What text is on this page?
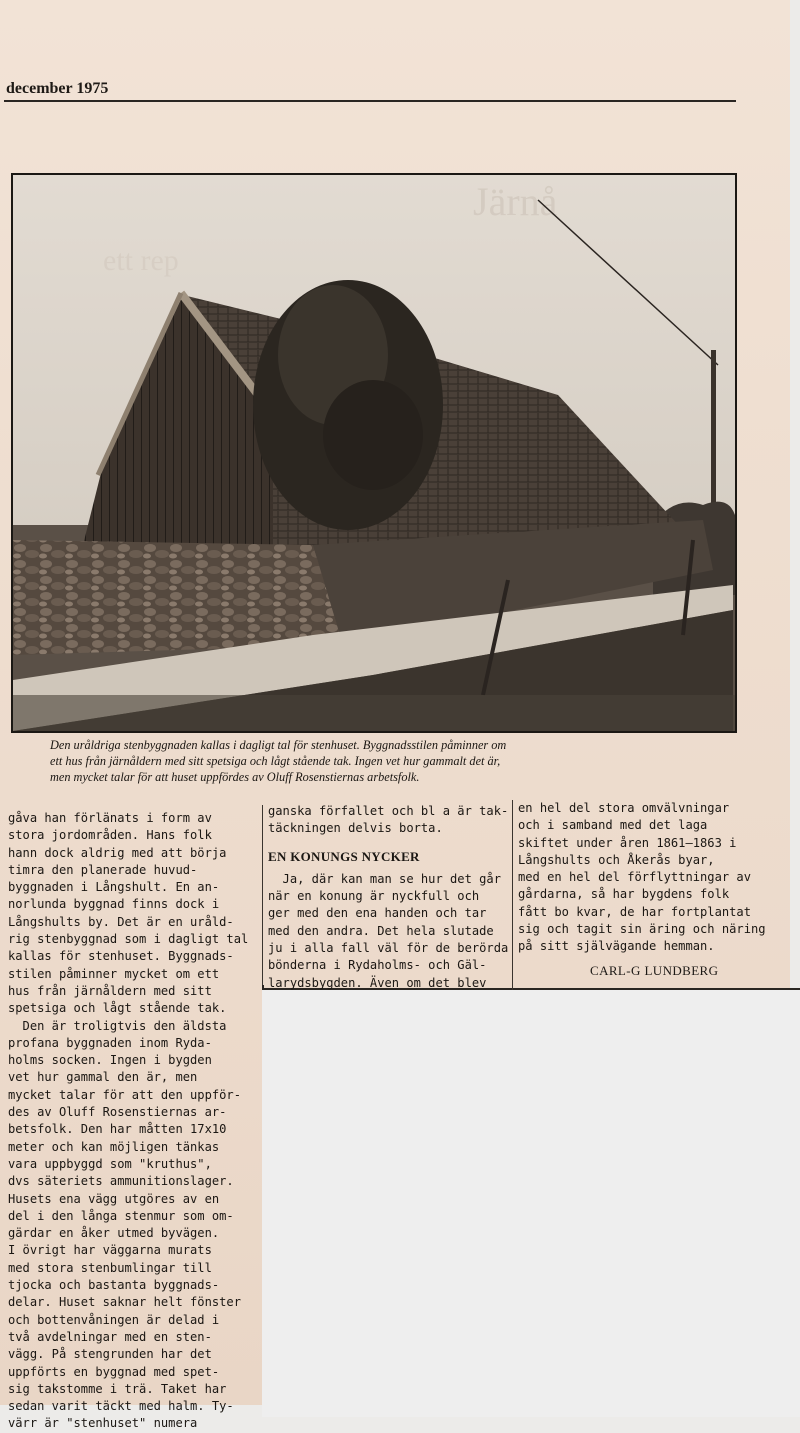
december 1975
Järnå
ett rep
Den uråldriga stenbyggnaden kallas i dagligt tal för stenhuset. Byggnadsstilen påminner om
ett hus från järnåldern med sitt spetsiga och lågt stående tak. Ingen vet hur gammalt det är,
men mycket talar för att huset uppfördes av Oluff Rosenstiernas arbetsfolk.
gåva han förlänats i form av
stora jordområden. Hans folk
hann dock aldrig med att börja
timra den planerade huvud-
byggnaden i Långshult. En an-
norlunda byggnad finns dock i
Långshults by. Det är en uråld-
rig stenbyggnad som i dagligt tal
kallas för stenhuset. Byggnads-
stilen påminner mycket om ett
hus från järnåldern med sitt
spetsiga och lågt stående tak.
Den är troligtvis den äldsta
profana byggnaden inom Ryda-
holms socken. Ingen i bygden
vet hur gammal den är, men
mycket talar för att den uppför-
des av Oluff Rosenstiernas ar-
betsfolk. Den har måtten 17x10
meter och kan möjligen tänkas
vara uppbyggd som "kruthus",
dvs säteriets ammunitionslager.
Husets ena vägg utgöres av en
del i den långa stenmur som om-
gärdar en åker utmed byvägen.
I övrigt har väggarna murats
med stora stenbumlingar till
tjocka och bastanta byggnads-
delar. Huset saknar helt fönster
och bottenvåningen är delad i
två avdelningar med en sten-
vägg. På stengrunden har det
uppförts en byggnad med spet-
sig takstomme i trä. Taket har
sedan varit täckt med halm. Ty-
värr är "stenhuset" numera
ganska förfallet och bl a är tak-
täckningen delvis borta.
EN KONUNGS NYCKER
Ja, där kan man se hur det går
när en konung är nyckfull och
ger med den ena handen och tar
med den andra. Det hela slutade
ju i alla fall väl för de berörda
bönderna i Rydaholms- och Gäl-
larydsbygden. Även om det blev
en hel del stora omvälvningar
och i samband med det laga
skiftet under åren 1861–1863 i
Långshults och Åkerås byar,
med en hel del förflyttningar av
gårdarna, så har bygdens folk
fått bo kvar, de har fortplantat
sig och tagit sin äring och näring
på sitt självägande hemman.
CARL-G LUNDBERG
